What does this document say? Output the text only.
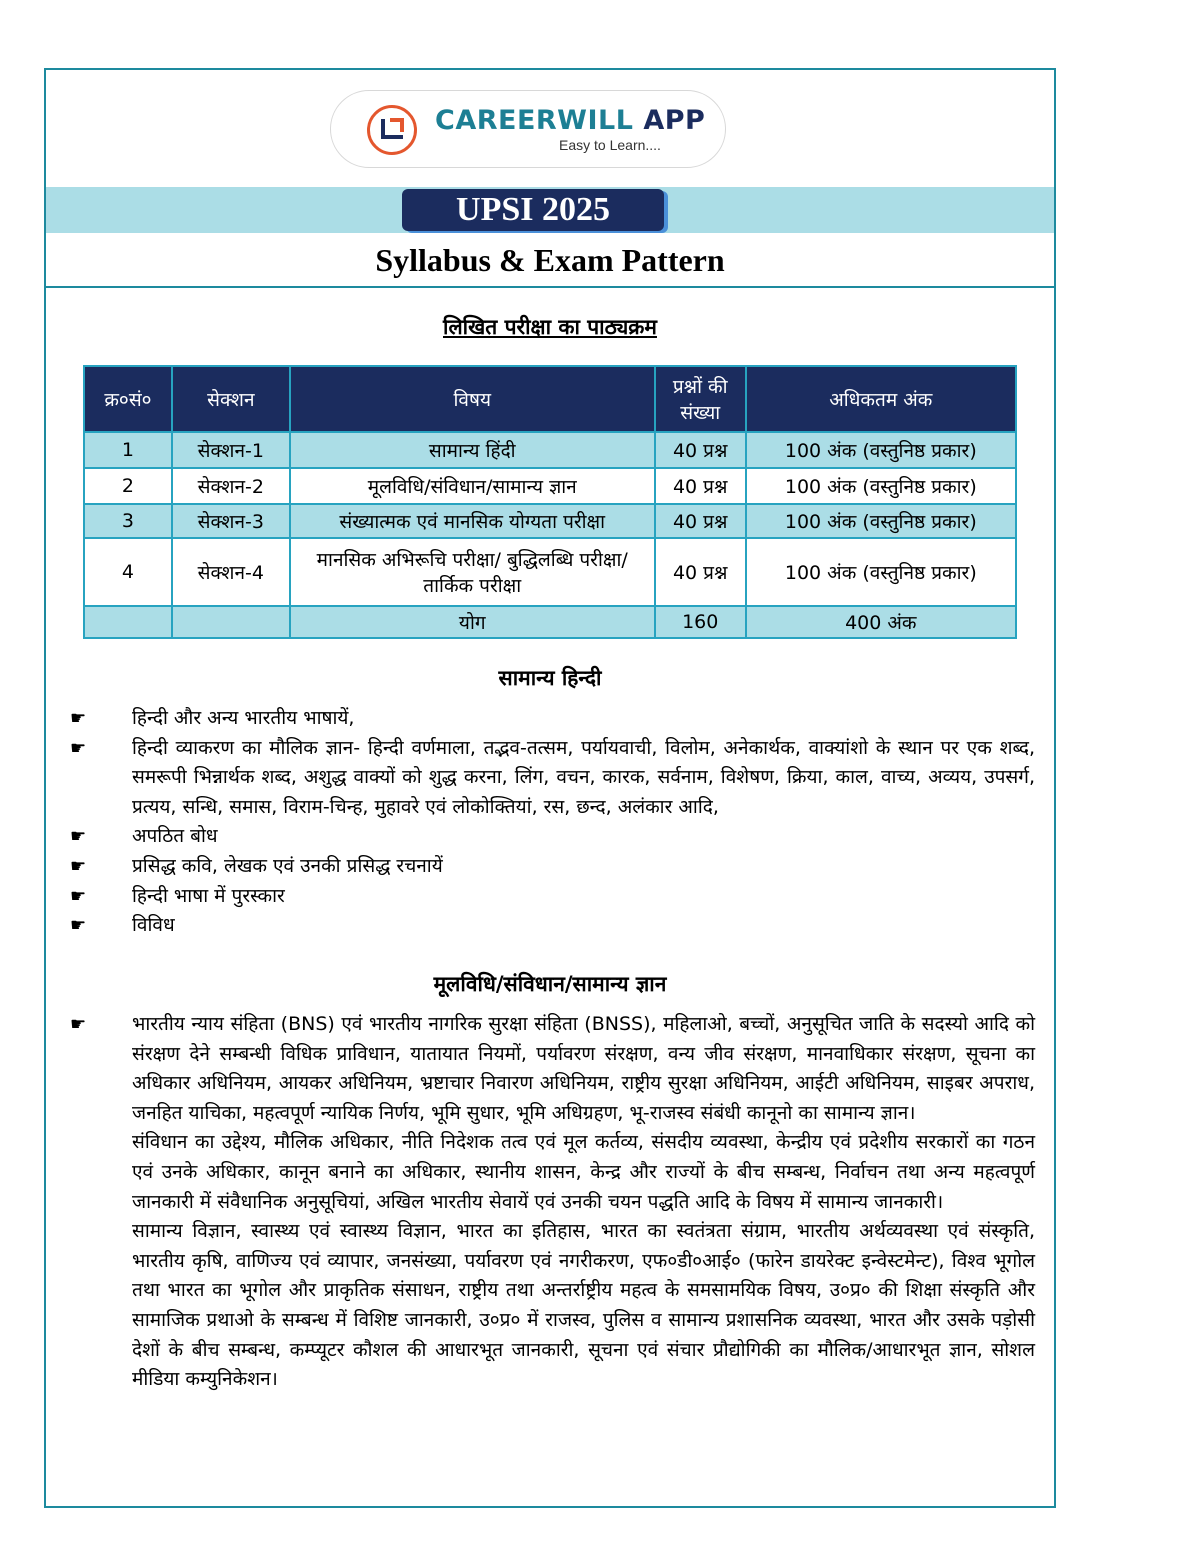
CAREERWILL APP
Easy to Learn....
UPSI 2025
Syllabus & Exam Pattern
लिखित परीक्षा का पाठ्यक्रम
क्र०सं०	सेक्शन	विषय	प्रश्नों की संख्या	अधिकतम अंक
1	सेक्शन-1	सामान्य हिंदी	40 प्रश्न	100 अंक (वस्तुनिष्ठ प्रकार)
2	सेक्शन-2	मूलविधि/संविधान/सामान्य ज्ञान	40 प्रश्न	100 अंक (वस्तुनिष्ठ प्रकार)
3	सेक्शन-3	संख्यात्मक एवं मानसिक योग्यता परीक्षा	40 प्रश्न	100 अंक (वस्तुनिष्ठ प्रकार)
4	सेक्शन-4	मानसिक अभिरूचि परीक्षा/ बुद्धिलब्धि परीक्षा/तार्किक परीक्षा	40 प्रश्न	100 अंक (वस्तुनिष्ठ प्रकार)
		योग	160	400 अंक
सामान्य हिन्दी
☛ हिन्दी और अन्य भारतीय भाषायें,
☛ हिन्दी व्याकरण का मौलिक ज्ञान- हिन्दी वर्णमाला, तद्भव-तत्सम, पर्यायवाची, विलोम, अनेकार्थक, वाक्यांशो के स्थान पर एक शब्द, समरूपी भिन्नार्थक शब्द, अशुद्ध वाक्यों को शुद्ध करना, लिंग, वचन, कारक, सर्वनाम, विशेषण, क्रिया, काल, वाच्य, अव्यय, उपसर्ग, प्रत्यय, सन्धि, समास, विराम-चिन्ह, मुहावरे एवं लोकोक्तियां, रस, छन्द, अलंकार आदि,
☛ अपठित बोध
☛ प्रसिद्ध कवि, लेखक एवं उनकी प्रसिद्ध रचनायें
☛ हिन्दी भाषा में पुरस्कार
☛ विविध
मूलविधि/संविधान/सामान्य ज्ञान
☛ भारतीय न्याय संहिता (BNS) एवं भारतीय नागरिक सुरक्षा संहिता (BNSS), महिलाओ, बच्चों, अनुसूचित जाति के सदस्यो आदि को संरक्षण देने सम्बन्धी विधिक प्राविधान, यातायात नियमों, पर्यावरण संरक्षण, वन्य जीव संरक्षण, मानवाधिकार संरक्षण, सूचना का अधिकार अधिनियम, आयकर अधिनियम, भ्रष्टाचार निवारण अधिनियम, राष्ट्रीय सुरक्षा अधिनियम, आईटी अधिनियम, साइबर अपराध, जनहित याचिका, महत्वपूर्ण न्यायिक निर्णय, भूमि सुधार, भूमि अधिग्रहण, भू-राजस्व संबंधी कानूनो का सामान्य ज्ञान।
संविधान का उद्देश्य, मौलिक अधिकार, नीति निदेशक तत्व एवं मूल कर्तव्य, संसदीय व्यवस्था, केन्द्रीय एवं प्रदेशीय सरकारों का गठन एवं उनके अधिकार, कानून बनाने का अधिकार, स्थानीय शासन, केन्द्र और राज्यों के बीच सम्बन्ध, निर्वाचन तथा अन्य महत्वपूर्ण जानकारी में संवैधानिक अनुसूचियां, अखिल भारतीय सेवायें एवं उनकी चयन पद्धति आदि के विषय में सामान्य जानकारी।
सामान्य विज्ञान, स्वास्थ्य एवं स्वास्थ्य विज्ञान, भारत का इतिहास, भारत का स्वतंत्रता संग्राम, भारतीय अर्थव्यवस्था एवं संस्कृति, भारतीय कृषि, वाणिज्य एवं व्यापार, जनसंख्या, पर्यावरण एवं नगरीकरण, एफ०डी०आई० (फारेन डायरेक्ट इन्वेस्टमेन्ट), विश्व भूगोल तथा भारत का भूगोल और प्राकृतिक संसाधन, राष्ट्रीय तथा अन्तर्राष्ट्रीय महत्व के समसामयिक विषय, उ०प्र० की शिक्षा संस्कृति और सामाजिक प्रथाओ के सम्बन्ध में विशिष्ट जानकारी, उ०प्र० में राजस्व, पुलिस व सामान्य प्रशासनिक व्यवस्था, भारत और उसके पड़ोसी देशों के बीच सम्बन्ध, कम्प्यूटर कौशल की आधारभूत जानकारी, सूचना एवं संचार प्रौद्योगिकी का मौलिक/आधारभूत ज्ञान, सोशल मीडिया कम्युनिकेशन।
